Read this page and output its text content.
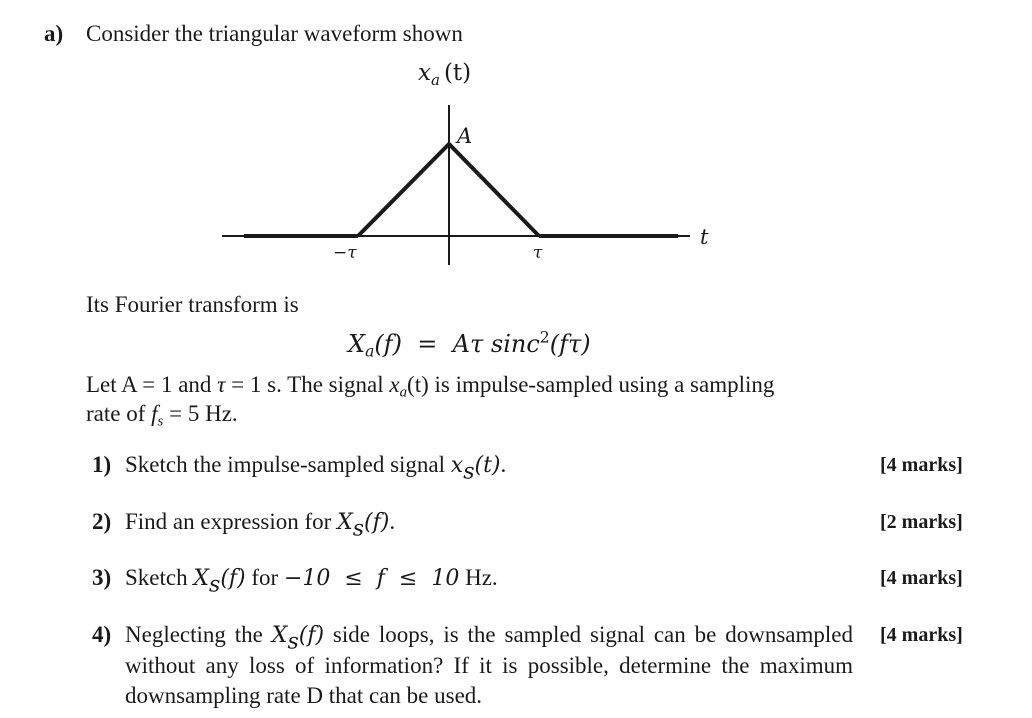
a) Consider the triangular waveform shown
$x_a$ (t)
A
t
−τ	τ
Its Fourier transform is
$X_a(f) = A\tau$ sinc$^2$(fτ)
Let A = 1 and τ = 1 s. The signal $x_a(t)$ is impulse-sampled using a sampling
rate of $f_s = 5$ Hz.
1) Sketch the impulse-sampled signal $x_s(t)$.	[4 marks]
2) Find an expression for $X_s(f)$.	[2 marks]
3) Sketch $X_s(f)$ for −10  ≤  f  ≤  10 Hz.	[4 marks]
4) Neglecting the $X_s(f)$ side loops, is the sampled signal can be downsampled without any loss of information? If it is possible, determine the maximum downsampling rate D that can be used.
[4 marks]
